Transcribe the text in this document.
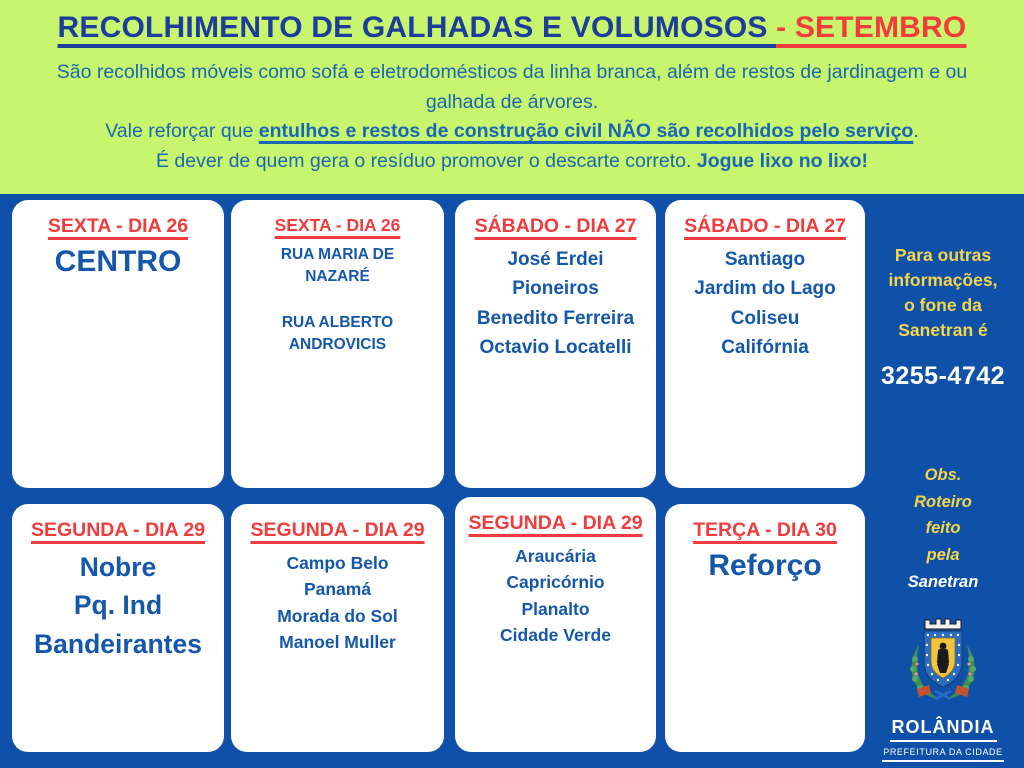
RECOLHIMENTO DE GALHADAS E VOLUMOSOS - SETEMBRO

São recolhidos móveis como sofá e eletrodomésticos da linha branca, além de restos de jardinagem e ou galhada de árvores.

Vale reforçar que entulhos e restos de construção civil NÃO são recolhidos pelo serviço.

É dever de quem gera o resíduo promover o descarte correto. Jogue lixo no lixo!

SEXTA - DIA 26
CENTRO
SEXTA - DIA 26
RUA MARIA DE NAZARÉ
RUA ALBERTO ANDROVICIS
SÁBADO - DIA 27
José Erdei
Pioneiros
Benedito Ferreira
Octavio Locatelli
SÁBADO - DIA 27
Santiago
Jardim do Lago
Coliseu
Califórnia
SEGUNDA - DIA 29
Nobre
Pq. Ind
Bandeirantes
SEGUNDA - DIA 29
Campo Belo
Panamá
Morada do Sol
Manoel Muller
SEGUNDA - DIA 29
Araucária
Capricórnio
Planalto
Cidade Verde
TERÇA - DIA 30
Reforço
Para outras
informações,
o fone da
Sanetran é
3255-4742
Obs.
Roteiro
feito
pela
Sanetran
ROLÂNDIA
PREFEITURA DA CIDADE
